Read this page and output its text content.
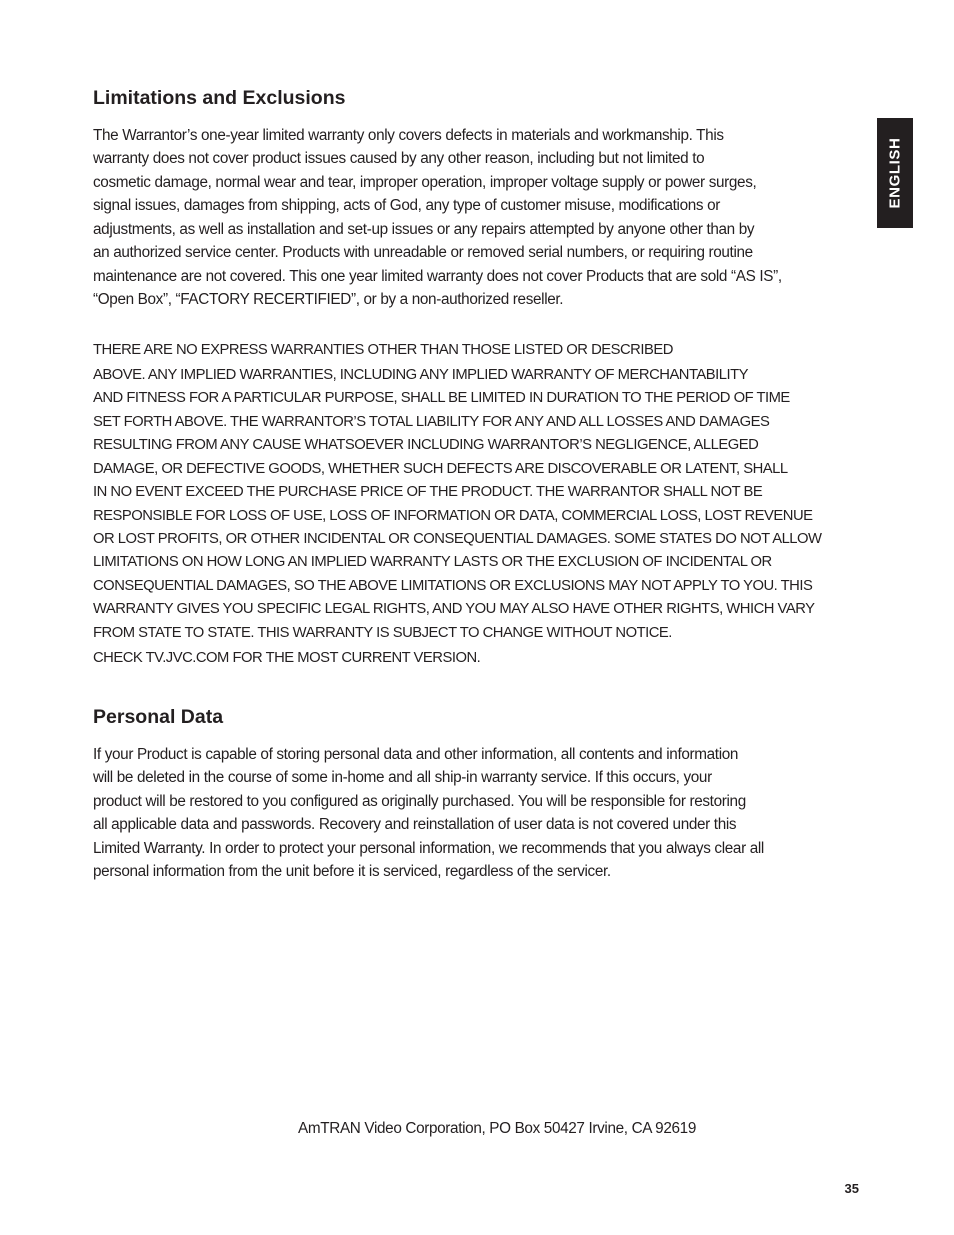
ENGLISH
Limitations and Exclusions
The Warrantor’s one-year limited warranty only covers defects in materials and workmanship. This
warranty does not cover product issues caused by any other reason, including but not limited to
cosmetic damage, normal wear and tear, improper operation, improper voltage supply or power surges,
signal issues, damages from shipping, acts of God, any type of customer misuse, modifications or
adjustments, as well as installation and set-up issues or any repairs attempted by anyone other than by
an authorized service center. Products with unreadable or removed serial numbers, or requiring routine
maintenance are not covered. This one year limited warranty does not cover Products that are sold “AS IS”,
“Open Box”, “FACTORY RECERTIFIED”, or by a non-authorized reseller.
THERE ARE NO EXPRESS WARRANTIES OTHER THAN THOSE LISTED OR DESCRIBED
ABOVE. ANY IMPLIED WARRANTIES, INCLUDING ANY IMPLIED WARRANTY OF MERCHANTABILITY
AND FITNESS FOR A PARTICULAR PURPOSE, SHALL BE LIMITED IN DURATION TO THE PERIOD OF TIME
SET FORTH ABOVE. THE WARRANTOR’S TOTAL LIABILITY FOR ANY AND ALL LOSSES AND DAMAGES
RESULTING FROM ANY CAUSE WHATSOEVER INCLUDING WARRANTOR’S NEGLIGENCE, ALLEGED
DAMAGE, OR DEFECTIVE GOODS, WHETHER SUCH DEFECTS ARE DISCOVERABLE OR LATENT, SHALL
IN NO EVENT EXCEED THE PURCHASE PRICE OF THE PRODUCT. THE WARRANTOR SHALL NOT BE
RESPONSIBLE FOR LOSS OF USE, LOSS OF INFORMATION OR DATA, COMMERCIAL LOSS, LOST REVENUE
OR LOST PROFITS, OR OTHER INCIDENTAL OR CONSEQUENTIAL DAMAGES. SOME STATES DO NOT ALLOW
LIMITATIONS ON HOW LONG AN IMPLIED WARRANTY LASTS OR THE EXCLUSION OF INCIDENTAL OR
CONSEQUENTIAL DAMAGES, SO THE ABOVE LIMITATIONS OR EXCLUSIONS MAY NOT APPLY TO YOU. THIS
WARRANTY GIVES YOU SPECIFIC LEGAL RIGHTS, AND YOU MAY ALSO HAVE OTHER RIGHTS, WHICH VARY
FROM STATE TO STATE. THIS WARRANTY IS SUBJECT TO CHANGE WITHOUT NOTICE.
CHECK TV.JVC.COM FOR THE MOST CURRENT VERSION.
Personal Data
If your Product is capable of storing personal data and other information, all contents and information
will be deleted in the course of some in-home and all ship-in warranty service. If this occurs, your
product will be restored to you configured as originally purchased. You will be responsible for restoring
all applicable data and passwords. Recovery and reinstallation of user data is not covered under this
Limited Warranty. In order to protect your personal information, we recommends that you always clear all
personal information from the unit before it is serviced, regardless of the servicer.
AmTRAN Video Corporation, PO Box 50427 Irvine, CA 92619
35
